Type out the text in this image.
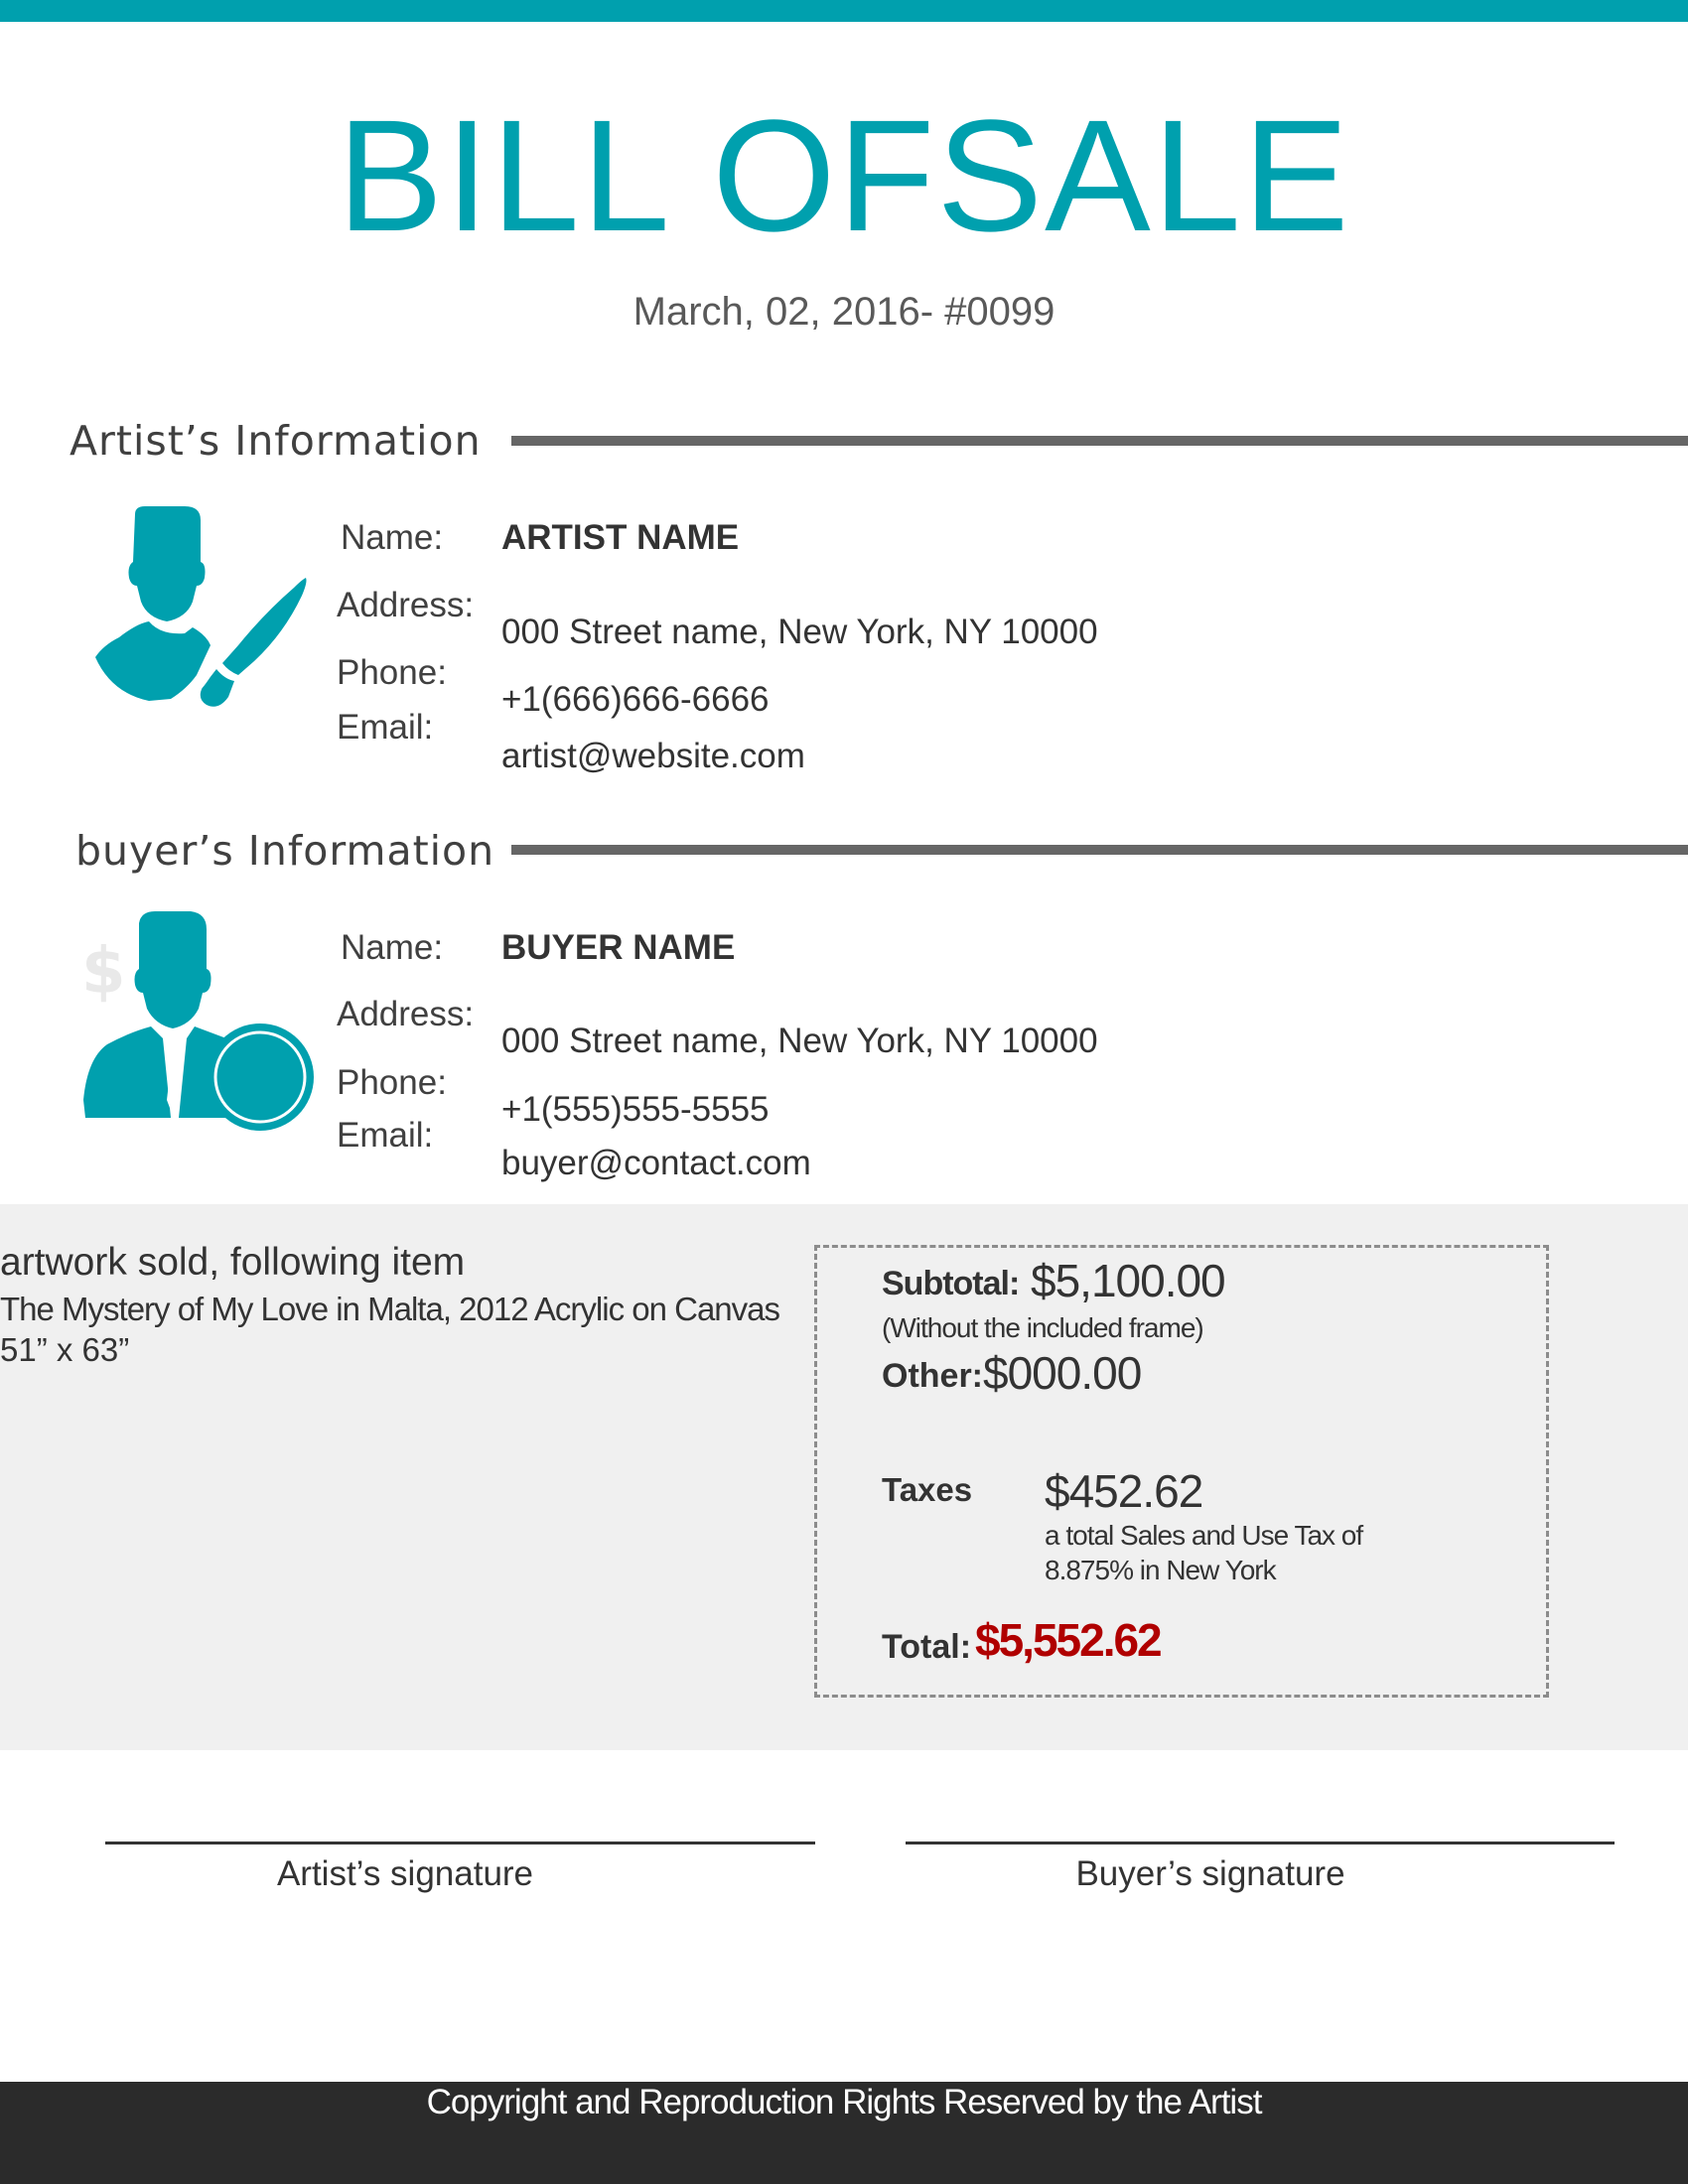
BILL OFSALE
March, 02, 2016- #0099
Artist’s Information
Name:
Address:
Phone:
Email:
ARTIST NAME
000 Street name, New York, NY 10000
+1(666)666-6666
artist@website.com
buyer’s Information
$	Name:
Address:
Phone:
Email:
BUYER NAME
000 Street name, New York, NY 10000
+1(555)555-5555
buyer@contact.com
artwork sold, following item
The Mystery of My Love in Malta, 2012 Acrylic on Canvas
51” x 63”
Subtotal: $5,100.00
(Without the included frame)
Other: $000.00
Taxes $452.62
a total Sales and Use Tax of
8.875% in New York
Total: $5,552.62
Artist’s signature	Buyer’s signature
Copyright and Reproduction Rights Reserved by the Artist
